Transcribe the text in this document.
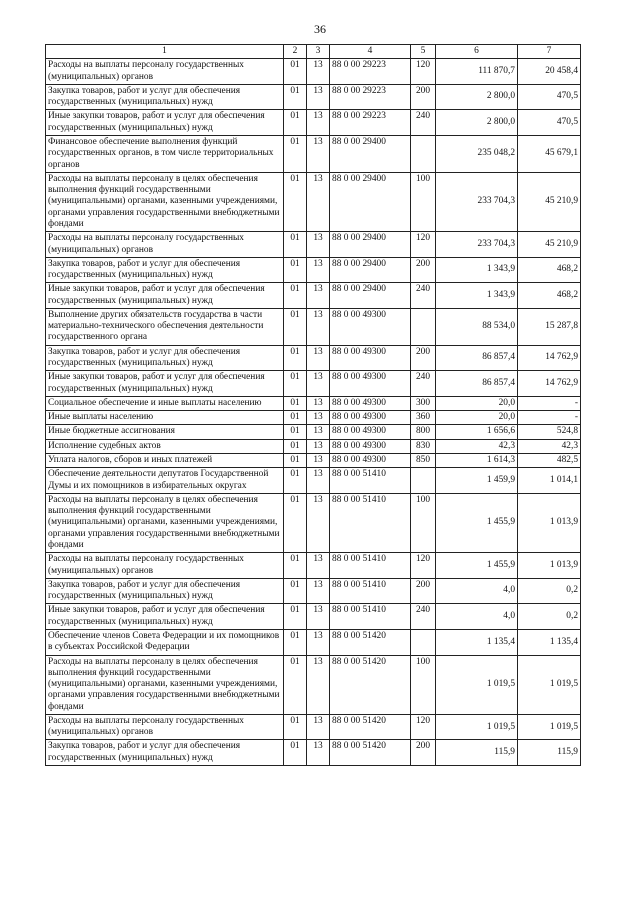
36
1	2	3	4	5	6	7
Расходы на выплаты персоналу государственных (муниципальных) органов	01	13	88 0 00 29223	120	111 870,7	20 458,4
Закупка товаров, работ и услуг для обеспечения государственных (муниципальных) нужд	01	13	88 0 00 29223	200	2 800,0	470,5
Иные закупки товаров, работ и услуг для обеспечения государственных (муниципальных) нужд	01	13	88 0 00 29223	240	2 800,0	470,5
Финансовое обеспечение выполнения функций государственных органов, в том числе территориальных органов	01	13	88 0 00 29400		235 048,2	45 679,1
Расходы на выплаты персоналу в целях обеспечения выполнения функций государственными (муниципальными) органами, казенными учреждениями, органами управления государственными внебюджетными фондами	01	13	88 0 00 29400	100	233 704,3	45 210,9
Расходы на выплаты персоналу государственных (муниципальных) органов	01	13	88 0 00 29400	120	233 704,3	45 210,9
Закупка товаров, работ и услуг для обеспечения государственных (муниципальных) нужд	01	13	88 0 00 29400	200	1 343,9	468,2
Иные закупки товаров, работ и услуг для обеспечения государственных (муниципальных) нужд	01	13	88 0 00 29400	240	1 343,9	468,2
Выполнение других обязательств государства в части материально-технического обеспечения деятельности государственного органа	01	13	88 0 00 49300		88 534,0	15 287,8
Закупка товаров, работ и услуг для обеспечения государственных (муниципальных) нужд	01	13	88 0 00 49300	200	86 857,4	14 762,9
Иные закупки товаров, работ и услуг для обеспечения государственных (муниципальных) нужд	01	13	88 0 00 49300	240	86 857,4	14 762,9
Социальное обеспечение и иные выплаты населению	01	13	88 0 00 49300	300	20,0	-
Иные выплаты населению	01	13	88 0 00 49300	360	20,0	-
Иные бюджетные ассигнования	01	13	88 0 00 49300	800	1 656,6	524,8
Исполнение судебных актов	01	13	88 0 00 49300	830	42,3	42,3
Уплата налогов, сборов и иных платежей	01	13	88 0 00 49300	850	1 614,3	482,5
Обеспечение деятельности депутатов Государственной Думы и их помощников в избирательных округах	01	13	88 0 00 51410		1 459,9	1 014,1
Расходы на выплаты персоналу в целях обеспечения выполнения функций государственными (муниципальными) органами, казенными учреждениями, органами управления государственными внебюджетными фондами	01	13	88 0 00 51410	100	1 455,9	1 013,9
Расходы на выплаты персоналу государственных (муниципальных) органов	01	13	88 0 00 51410	120	1 455,9	1 013,9
Закупка товаров, работ и услуг для обеспечения государственных (муниципальных) нужд	01	13	88 0 00 51410	200	4,0	0,2
Иные закупки товаров, работ и услуг для обеспечения государственных (муниципальных) нужд	01	13	88 0 00 51410	240	4,0	0,2
Обеспечение членов Совета Федерации и их помощников в субъектах Российской Федерации	01	13	88 0 00 51420		1 135,4	1 135,4
Расходы на выплаты персоналу в целях обеспечения выполнения функций государственными (муниципальными) органами, казенными учреждениями, органами управления государственными внебюджетными фондами	01	13	88 0 00 51420	100	1 019,5	1 019,5
Расходы на выплаты персоналу государственных (муниципальных) органов	01	13	88 0 00 51420	120	1 019,5	1 019,5
Закупка товаров, работ и услуг для обеспечения государственных (муниципальных) нужд	01	13	88 0 00 51420	200	115,9	115,9
